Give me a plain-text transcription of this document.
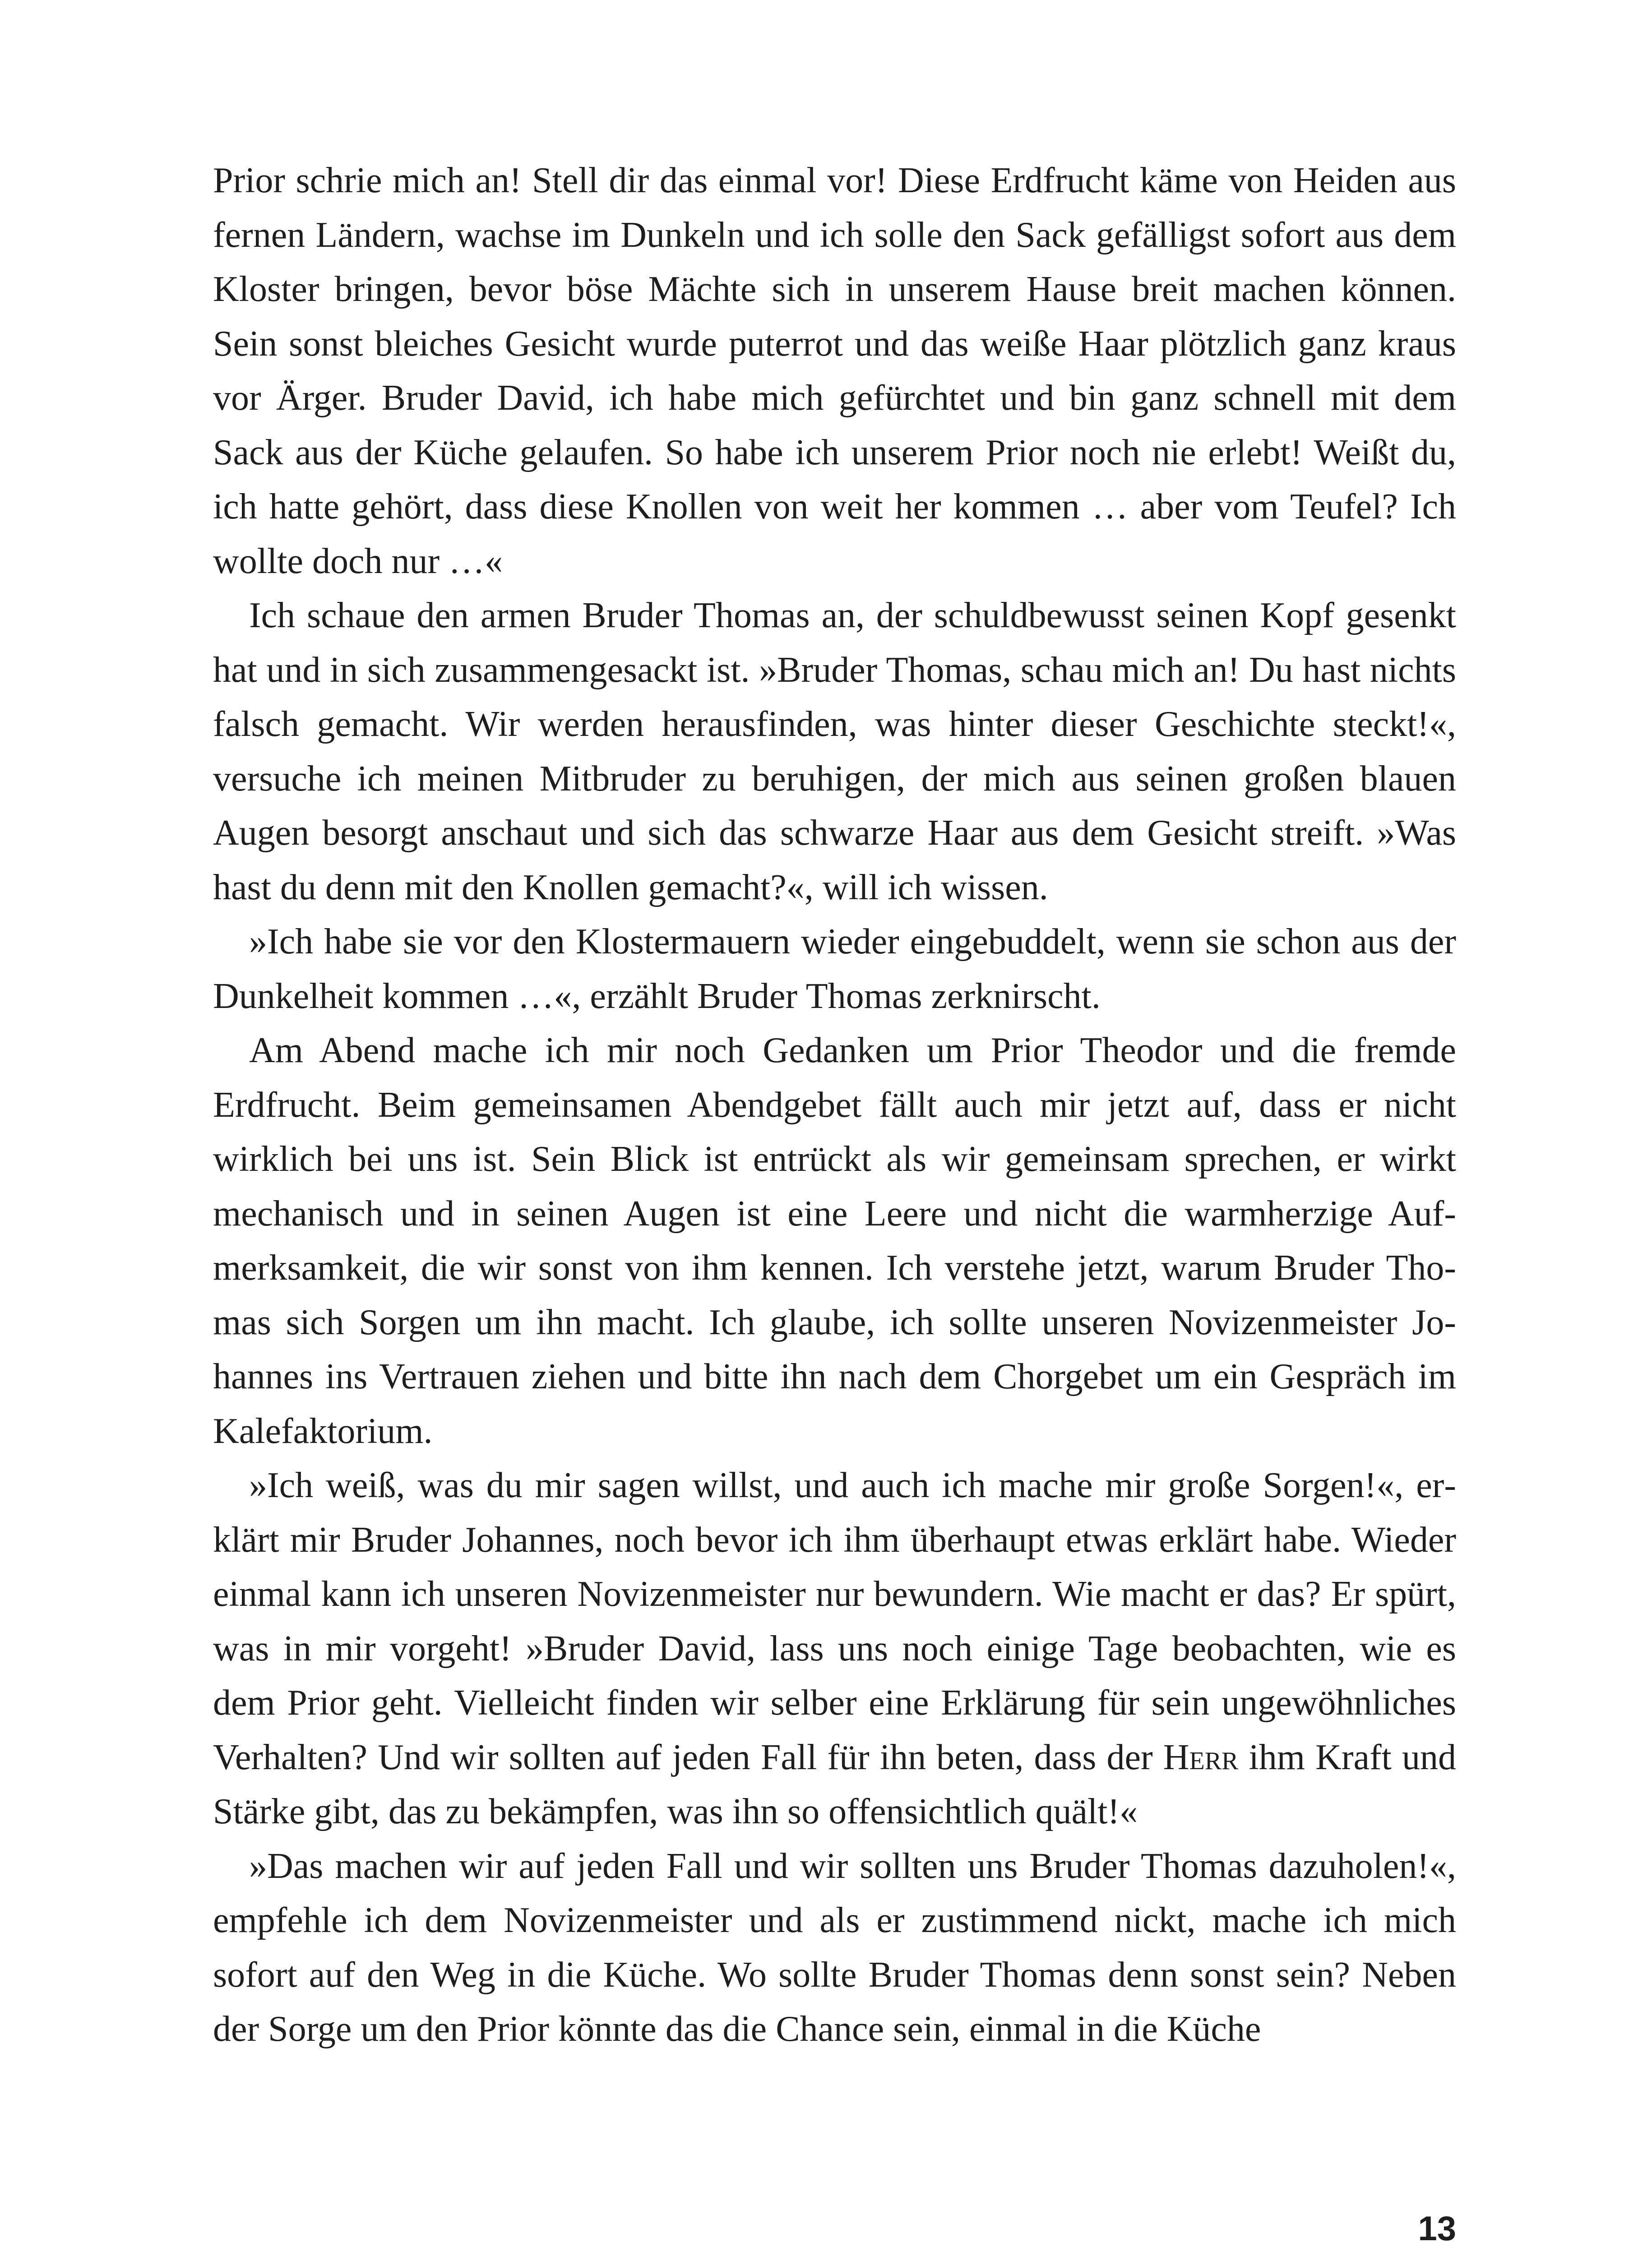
Prior schrie mich an! Stell dir das einmal vor! Diese Erdfrucht käme von Heiden aus fernen Ländern, wachse im Dunkeln und ich solle den Sack gefälligst sofort aus dem Kloster bringen, bevor böse Mächte sich in unserem Hause breit machen können. Sein sonst bleiches Gesicht wurde puterrot und das weiße Haar plötzlich ganz kraus vor Ärger. Bruder David, ich habe mich gefürchtet und bin ganz schnell mit dem Sack aus der Küche gelaufen. So habe ich unserem Prior noch nie erlebt! Weißt du, ich hatte gehört, dass diese Knollen von weit her kommen … aber vom Teufel? Ich wollte doch nur …«

Ich schaue den armen Bruder Thomas an, der schuldbewusst seinen Kopf gesenkt hat und in sich zusammengesackt ist. »Bruder Thomas, schau mich an! Du hast nichts falsch gemacht. Wir werden herausfinden, was hinter dieser Geschichte steckt!«, versuche ich meinen Mitbruder zu beruhigen, der mich aus seinen großen blauen Augen besorgt anschaut und sich das schwarze Haar aus dem Gesicht streift. »Was hast du denn mit den Knollen gemacht?«, will ich wissen.

»Ich habe sie vor den Klostermauern wieder eingebuddelt, wenn sie schon aus der Dunkelheit kommen …«, erzählt Bruder Thomas zerknirscht.

Am Abend mache ich mir noch Gedanken um Prior Theodor und die fremde Erdfrucht. Beim gemeinsamen Abendgebet fällt auch mir jetzt auf, dass er nicht wirklich bei uns ist. Sein Blick ist entrückt als wir gemeinsam sprechen, er wirkt mechanisch und in seinen Augen ist eine Leere und nicht die warmherzige Aufmerksamkeit, die wir sonst von ihm kennen. Ich verstehe jetzt, warum Bruder Thomas sich Sorgen um ihn macht. Ich glaube, ich sollte unseren Novizenmeister Johannes ins Vertrauen ziehen und bitte ihn nach dem Chorgebet um ein Gespräch im Kalefaktorium.

»Ich weiß, was du mir sagen willst, und auch ich mache mir große Sorgen!«, erklärt mir Bruder Johannes, noch bevor ich ihm überhaupt etwas erklärt habe. Wieder einmal kann ich unseren Novizenmeister nur bewundern. Wie macht er das? Er spürt, was in mir vorgeht! »Bruder David, lass uns noch einige Tage beobachten, wie es dem Prior geht. Vielleicht finden wir selber eine Erklärung für sein ungewöhnliches Verhalten? Und wir sollten auf jeden Fall für ihn beten, dass der Herr ihm Kraft und Stärke gibt, das zu bekämpfen, was ihn so offensichtlich quält!«

»Das machen wir auf jeden Fall und wir sollten uns Bruder Thomas dazuholen!«, empfehle ich dem Novizenmeister und als er zustimmend nickt, mache ich mich sofort auf den Weg in die Küche. Wo sollte Bruder Thomas denn sonst sein? Neben der Sorge um den Prior könnte das die Chance sein, einmal in die Küche

13
